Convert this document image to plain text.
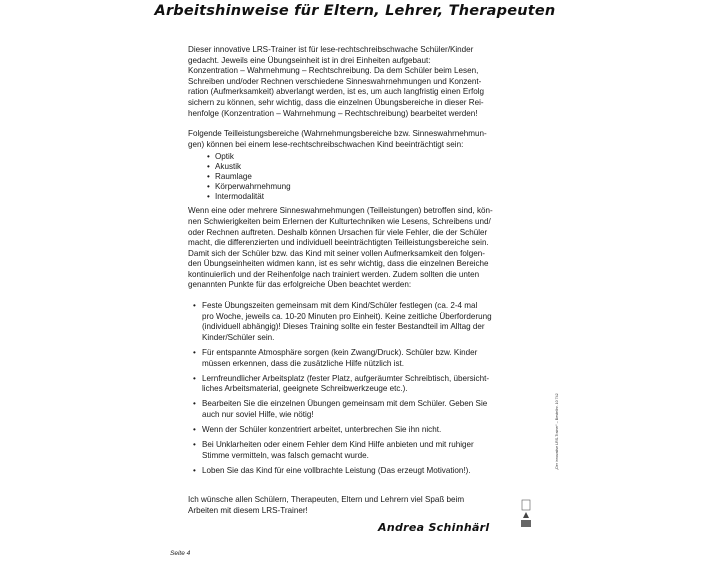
Arbeitshinweise für Eltern, Lehrer, Therapeuten

Dieser innovative LRS-Trainer ist für lese-rechtschreibschwache Schüler/Kinder
gedacht. Jeweils eine Übungseinheit ist in drei Einheiten aufgebaut:
Konzentration – Wahrnehmung – Rechtschreibung. Da dem Schüler beim Lesen,
Schreiben und/oder Rechnen verschiedene Sinneswahrnehmungen und Konzent-
ration (Aufmerksamkeit) abverlangt werden, ist es, um auch langfristig einen Erfolg
sichern zu können, sehr wichtig, dass die einzelnen Übungsbereiche in dieser Rei-
henfolge (Konzentration – Wahrnehmung – Rechtschreibung) bearbeitet werden!

Folgende Teilleistungsbereiche (Wahrnehmungsbereiche bzw. Sinneswahrnehmun-
gen) können bei einem lese-rechtschreibschwachen Kind beeinträchtigt sein:

• Optik
• Akustik
• Raumlage
• Körperwahrnehmung
• Intermodalität

Wenn eine oder mehrere Sinneswahrnehmungen (Teilleistungen) betroffen sind, kön-
nen Schwierigkeiten beim Erlernen der Kulturtechniken wie Lesens, Schreibens und/
oder Rechnen auftreten. Deshalb können Ursachen für viele Fehler, die der Schüler
macht, die differenzierten und individuell beeinträchtigten Teilleistungsbereiche sein.
Damit sich der Schüler bzw. das Kind mit seiner vollen Aufmerksamkeit den folgen-
den Übungseinheiten widmen kann, ist es sehr wichtig, dass die einzelnen Bereiche
kontinuierlich und der Reihenfolge nach trainiert werden. Zudem sollten die unten
genannten Punkte für das erfolgreiche Üben beachtet werden:

• Feste Übungszeiten gemeinsam mit dem Kind/Schüler festlegen (ca. 2-4 mal
pro Woche, jeweils ca. 10-20 Minuten pro Einheit). Keine zeitliche Überforderung
(individuell abhängig)! Dieses Training sollte ein fester Bestandteil im Alltag der
Kinder/Schüler sein.
• Für entspannte Atmosphäre sorgen (kein Zwang/Druck). Schüler bzw. Kinder
müssen erkennen, dass die zusätzliche Hilfe nützlich ist.
• Lernfreundlicher Arbeitsplatz (fester Platz, aufgeräumter Schreibtisch, übersicht-
liches Arbeitsmaterial, geeignete Schreibwerkzeuge etc.).
• Bearbeiten Sie die einzelnen Übungen gemeinsam mit dem Schüler. Geben Sie
auch nur soviel Hilfe, wie nötig!
• Wenn der Schüler konzentriert arbeitet, unterbrechen Sie ihn nicht.
• Bei Unklarheiten oder einem Fehler dem Kind Hilfe anbieten und mit ruhiger
Stimme vermitteln, was falsch gemacht wurde.
• Loben Sie das Kind für eine vollbrachte Leistung (Das erzeugt Motivation!).

Ich wünsche allen Schülern, Therapeuten, Eltern und Lehrern viel Spaß beim
Arbeiten mit diesem LRS-Trainer!

Andrea Schinhärl
Seite 4
„Der innovative LRS-Trainer“ – Bestellnr. 10 742
